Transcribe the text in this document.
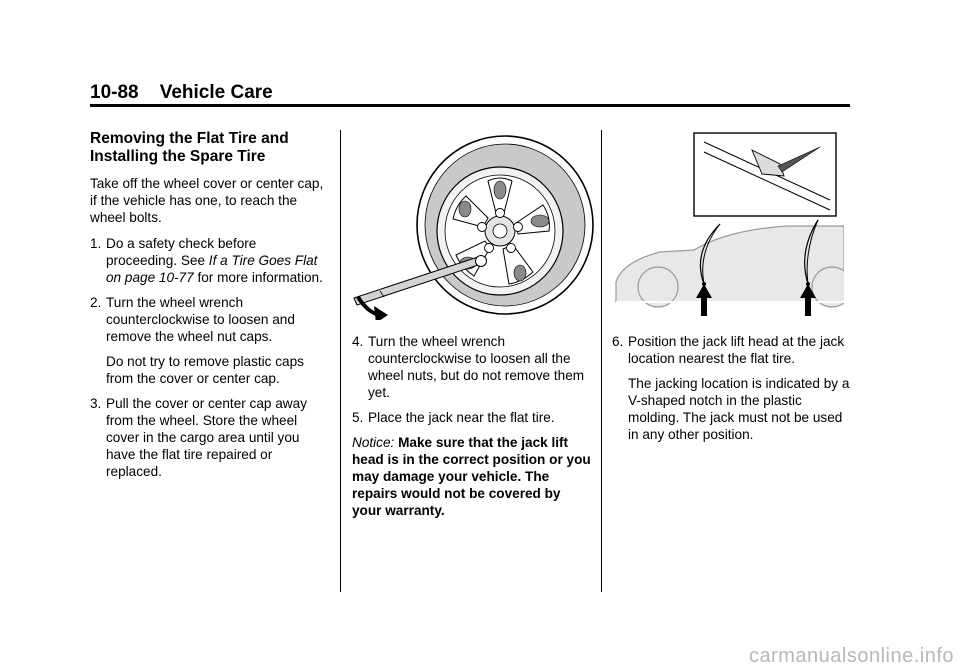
10-88 Vehicle Care
Removing the Flat Tire and
Installing the Spare Tire

Take off the wheel cover or center cap, if the vehicle has one, to reach the wheel bolts.

1. Do a safety check before proceeding. See If a Tire Goes Flat on page 10-77 for more information.
2. Turn the wheel wrench counterclockwise to loosen and remove the wheel nut caps.

Do not try to remove plastic caps from the cover or center cap.

3. Pull the cover or center cap away from the wheel. Store the wheel cover in the cargo area until you have the flat tire repaired or replaced.
4. Turn the wheel wrench counterclockwise to loosen all the wheel nuts, but do not remove them yet.
5. Place the jack near the flat tire.

Notice: Make sure that the jack lift head is in the correct position or you may damage your vehicle. The repairs would not be covered by your warranty.

6. Position the jack lift head at the jack location nearest the flat tire.

The jacking location is indicated by a V-shaped notch in the plastic molding. The jack must not be used in any other position.

carmanualsonline.info
